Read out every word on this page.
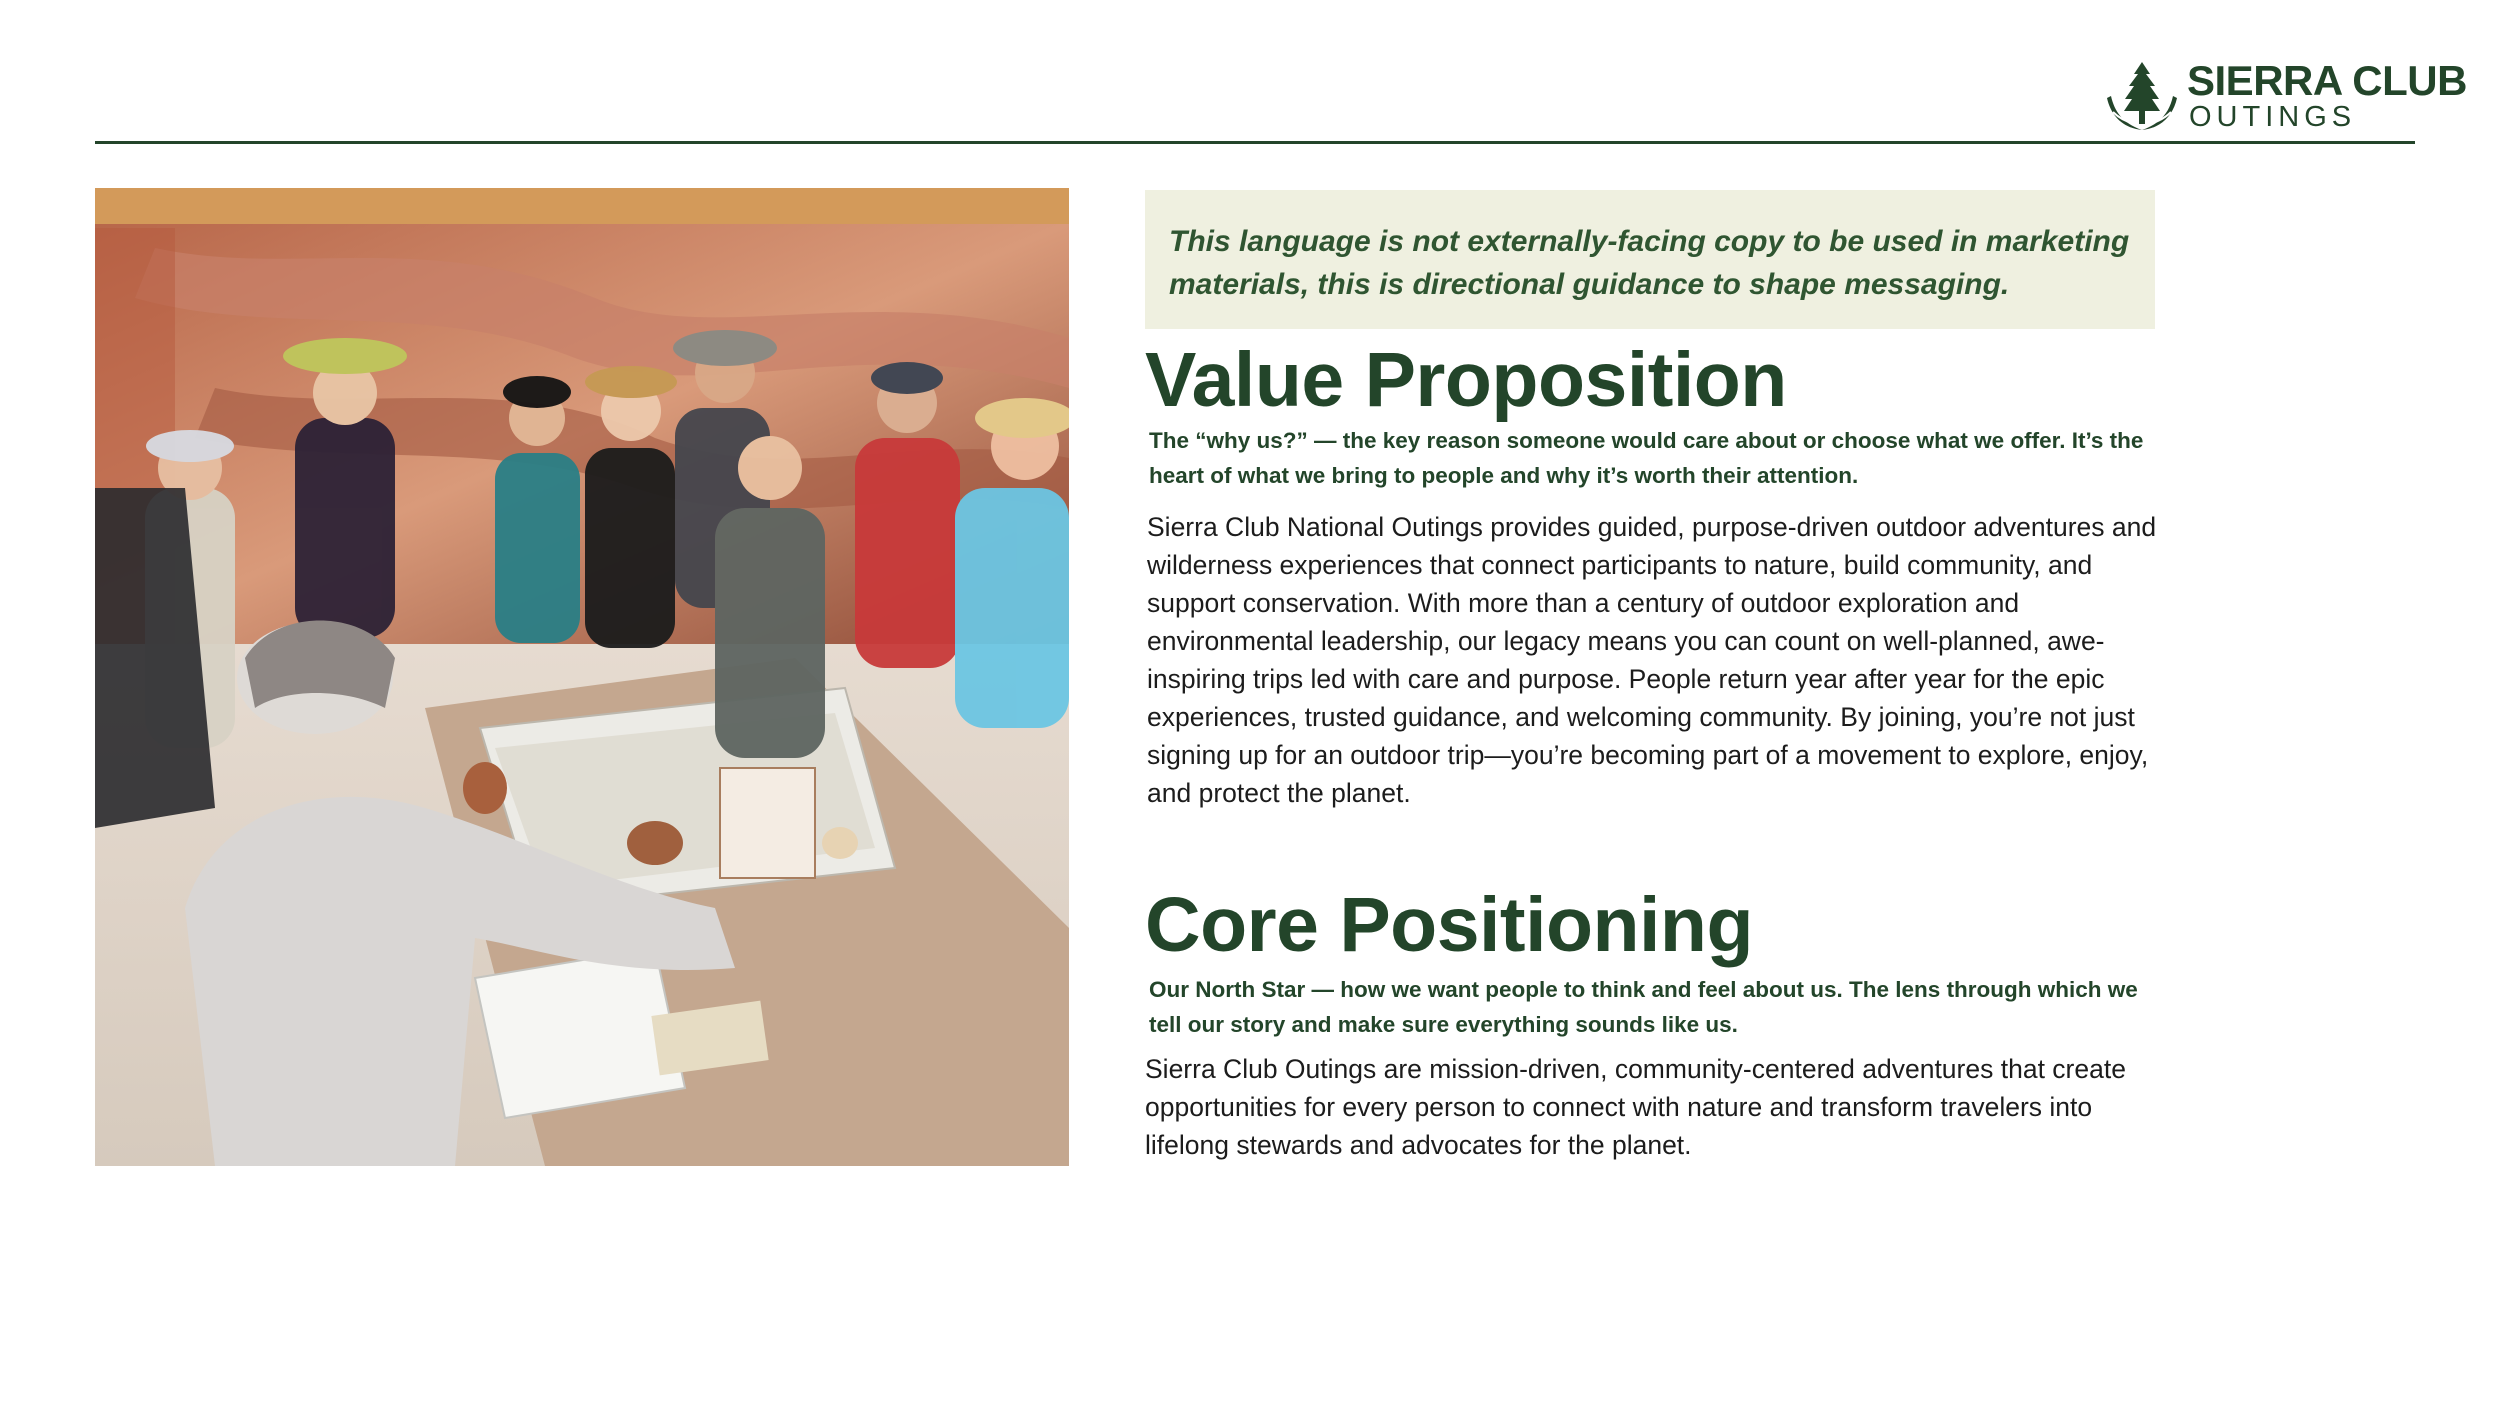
SIERRA CLUB
OUTINGS
This language is not externally-facing copy to be used in marketing materials, this is directional guidance to shape messaging.
Value Proposition
The “why us?” — the key reason someone would care about or choose what we offer. It’s the heart of what we bring to people and why it’s worth their attention.
Sierra Club National Outings provides guided, purpose-driven outdoor adventures and wilderness experiences that connect participants to nature, build community, and support conservation. With more than a century of outdoor exploration and environmental leadership, our legacy means you can count on well-planned, awe-inspiring trips led with care and purpose. People return year after year for the epic experiences, trusted guidance, and welcoming community. By joining, you’re not just signing up for an outdoor trip—you’re becoming part of a movement to explore, enjoy, and protect the planet.
Core Positioning
Our North Star — how we want people to think and feel about us. The lens through which we tell our story and make sure everything sounds like us.
Sierra Club Outings are mission-driven, community-centered adventures that create opportunities for every person to connect with nature and transform travelers into lifelong stewards and advocates for the planet.
